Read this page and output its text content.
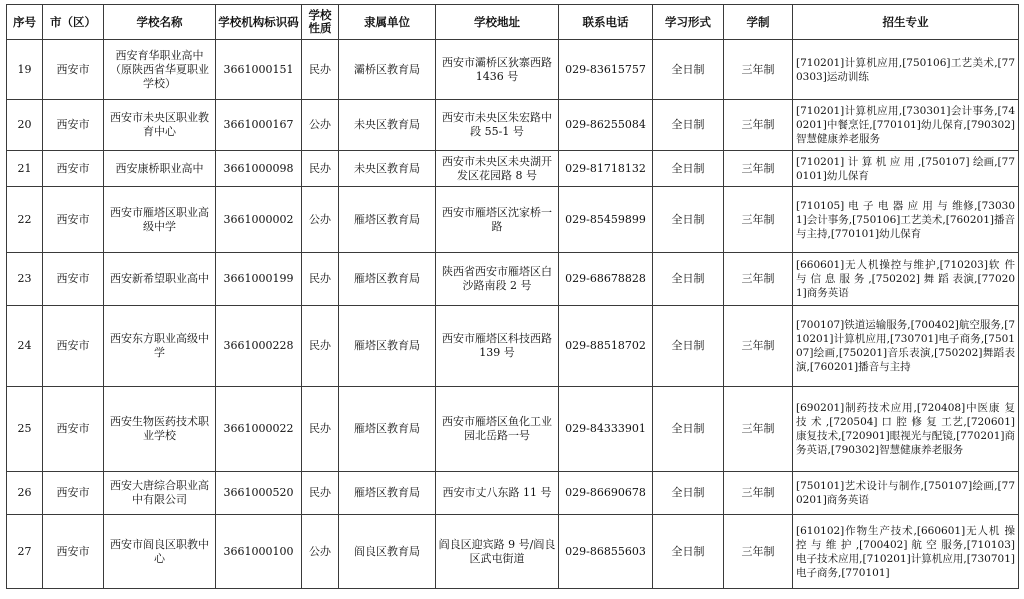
序号	市（区）	学校名称	学校机构标识码	学校性质	隶属单位	学校地址	联系电话	学习形式	学制	招生专业
19	西安市	西安育华职业高中（原陕西省华夏职业学校）	3661000151	民办	灞桥区教育局	西安市灞桥区狄寨西路 1436 号	029-83615757	全日制	三年制	[710201]计算机应用,[750106]工艺美术,[770303]运动训练
20	西安市	西安市未央区职业教育中心	3661000167	公办	未央区教育局	西安市未央区朱宏路中段 55-1 号	029-86255084	全日制	三年制	[710201]计算机应用,[730301]会计事务,[740201]中餐烹饪,[770101]幼儿保育,[790302]智慧健康养老服务
21	西安市	西安康桥职业高中	3661000098	民办	未央区教育局	西安市未央区未央湖开发区花园路 8 号	029-81718132	全日制	三年制	[710201] 计 算 机 应 用 ,[750107] 绘画,[770101]幼儿保育
22	西安市	西安市雁塔区职业高级中学	3661000002	公办	雁塔区教育局	西安市雁塔区沈家桥一路	029-85459899	全日制	三年制	[710105] 电 子 电 器 应 用 与 维修,[730301]会计事务,[750106]工艺美术,[760201]播音与主持,[770101]幼儿保育
23	西安市	西安新希望职业高中	3661000199	民办	雁塔区教育局	陕西省西安市雁塔区白沙路南段 2 号	029-68678828	全日制	三年制	[660601]无人机操控与维护,[710203]软 件 与 信 息 服 务 ,[750202] 舞 蹈 表演,[770201]商务英语
24	西安市	西安东方职业高级中学	3661000228	民办	雁塔区教育局	西安市雁塔区科技西路 139 号	029-88518702	全日制	三年制	[700107]铁道运输服务,[700402]航空服务,[710201]计算机应用,[730701]电子商务,[750107]绘画,[750201]音乐表演,[750202]舞蹈表演,[760201]播音与主持
25	西安市	西安生物医药技术职业学校	3661000022	民办	雁塔区教育局	西安市雁塔区鱼化工业园北岳路一号	029-84333901	全日制	三年制	[690201]制药技术应用,[720408]中医康 复 技 术 ,[720504] 口 腔 修 复 工艺,[720601]康复技术,[720901]眼视光与配镜,[770201]商务英语,[790302]智慧健康养老服务
26	西安市	西安大唐综合职业高中有限公司	3661000520	民办	雁塔区教育局	西安市丈八东路 11 号	029-86690678	全日制	三年制	[750101]艺术设计与制作,[750107]绘画,[770201]商务英语
27	西安市	西安市阎良区职教中心	3661000100	公办	阎良区教育局	阎良区迎宾路 9 号/阎良区武屯街道	029-86855603	全日制	三年制	[610102]作物生产技术,[660601]无人机 操 控 与 维 护 ,[700402] 航 空 服务,[710103]电子技术应用,[710201]计算机应用,[730701]电子商务,[770101]
